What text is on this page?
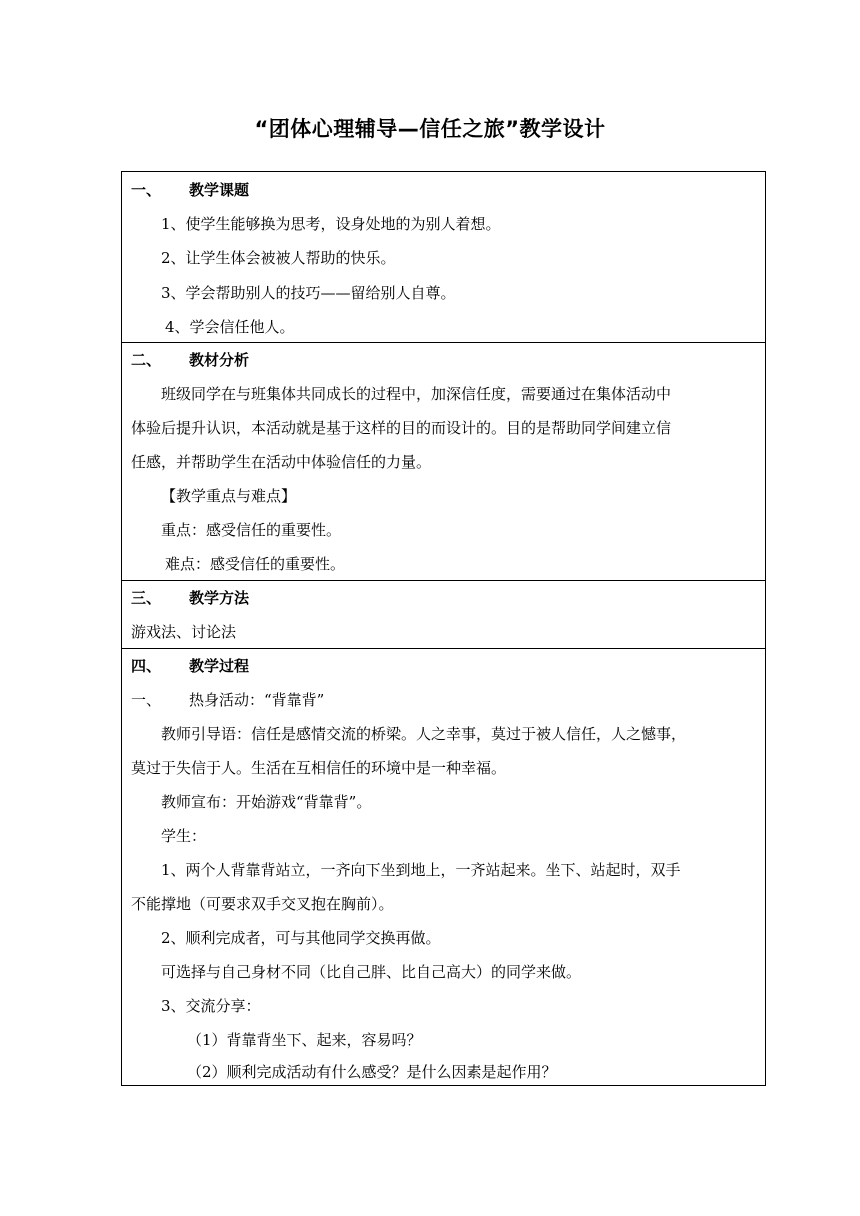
“团体心理辅导—信任之旅”教学设计
一、 教学课题
1、使学生能够换为思考，设身处地的为别人着想。
2、让学生体会被被人帮助的快乐。
3、学会帮助别人的技巧——留给别人自尊。
4、学会信任他人。
二、 教材分析
班级同学在与班集体共同成长的过程中，加深信任度，需要通过在集体活动中
体验后提升认识，本活动就是基于这样的目的而设计的。目的是帮助同学间建立信
任感，并帮助学生在活动中体验信任的力量。
【教学重点与难点】
重点：感受信任的重要性。
难点：感受信任的重要性。
三、 教学方法
游戏法、讨论法
四、 教学过程
一、 热身活动：“背靠背”
教师引导语：信任是感情交流的桥梁。人之幸事，莫过于被人信任，人之憾事，
莫过于失信于人。生活在互相信任的环境中是一种幸福。
教师宣布：开始游戏“背靠背”。
学生：
1、两个人背靠背站立，一齐向下坐到地上，一齐站起来。坐下、站起时，双手
不能撑地（可要求双手交叉抱在胸前）。
2、顺利完成者，可与其他同学交换再做。
可选择与自己身材不同（比自己胖、比自己高大）的同学来做。
3、交流分享：
（1）背靠背坐下、起来，容易吗？
（2）顺利完成活动有什么感受？是什么因素是起作用？
